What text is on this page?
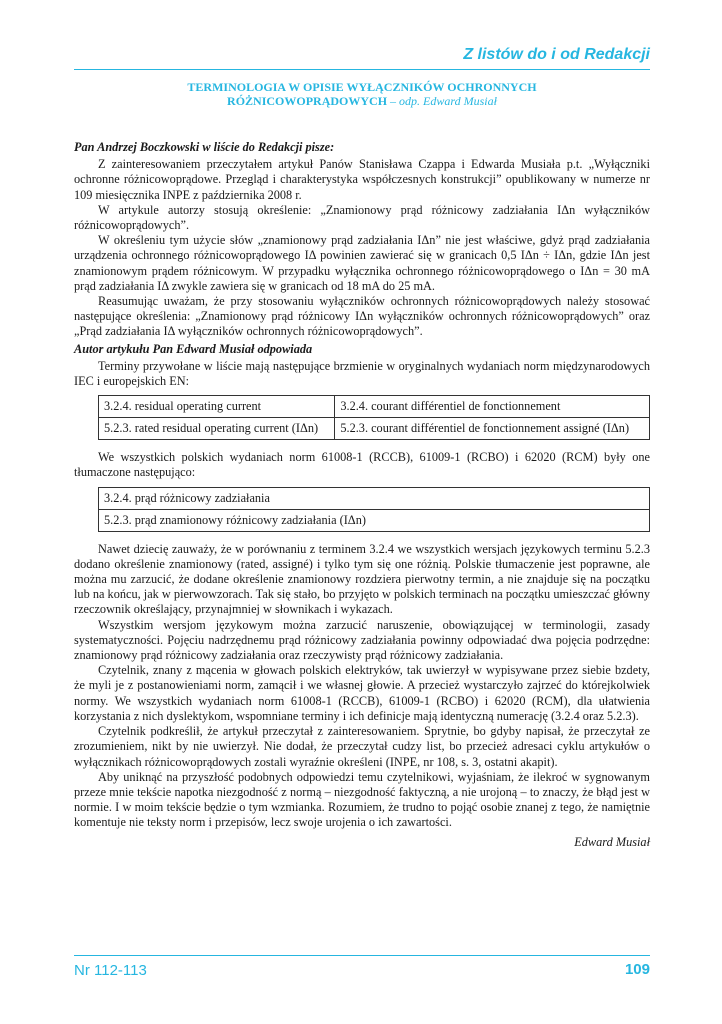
Z listów do i od Redakcji
TERMINOLOGIA W OPISIE WYŁĄCZNIKÓW OCHRONNYCH
RÓŻNICOWOPRĄDOWYCH – odp. Edward Musiał

Pan Andrzej Boczkowski w liście do Redakcji pisze:

Z zainteresowaniem przeczytałem artykuł Panów Stanisława Czappa i Edwarda Musiała p.t. „Wyłączniki ochronne różnicowoprądowe. Przegląd i charakterystyka współczesnych konstrukcji” opublikowany w numerze nr 109 miesięcznika INPE z października 2008 r.

W artykule autorzy stosują określenie: „Znamionowy prąd różnicowy zadziałania IΔn wyłączników różnicowoprądowych”.

W określeniu tym użycie słów „znamionowy prąd zadziałania IΔn” nie jest właściwe, gdyż prąd zadziałania urządzenia ochronnego różnicowoprądowego IΔ powinien zawierać się w granicach 0,5 IΔn ÷ IΔn, gdzie IΔn jest znamionowym prądem różnicowym. W przypadku wyłącznika ochronnego różnicowoprądowego o IΔn = 30 mA prąd zadziałania IΔ zwykle zawiera się w granicach od 18 mA do 25 mA.

Reasumując uważam, że przy stosowaniu wyłączników ochronnych różnicowoprądowych należy stosować następujące określenia: „Znamionowy prąd różnicowy IΔn wyłączników ochronnych różnicowoprądowych” oraz „Prąd zadziałania IΔ wyłączników ochronnych różnicowoprądowych”.

Autor artykułu Pan Edward Musiał odpowiada

Terminy przywołane w liście mają następujące brzmienie w oryginalnych wydaniach norm międzynarodowych IEC i europejskich EN:

3.2.4. residual operating current	3.2.4. courant différentiel de fonctionnement
5.2.3. rated residual operating current (IΔn)	5.2.3. courant différentiel de fonctionnement assigné (IΔn)

We wszystkich polskich wydaniach norm 61008-1 (RCCB), 61009-1 (RCBO) i 62020 (RCM) były one tłumaczone następująco:

3.2.4. prąd różnicowy zadziałania
5.2.3. prąd znamionowy różnicowy zadziałania (IΔn)

Nawet dziecię zauważy, że w porównaniu z terminem 3.2.4 we wszystkich wersjach językowych terminu 5.2.3 dodano określenie znamionowy (rated, assigné) i tylko tym się one różnią. Polskie tłumaczenie jest poprawne, ale można mu zarzucić, że dodane określenie znamionowy rozdziera pierwotny termin, a nie znajduje się na początku lub na końcu, jak w pierwowzorach. Tak się stało, bo przyjęto w polskich terminach na początku umieszczać główny rzeczownik określający, przynajmniej w słownikach i wykazach.

Wszystkim wersjom językowym można zarzucić naruszenie, obowiązującej w terminologii, zasady systematyczności. Pojęciu nadrzędnemu prąd różnicowy zadziałania powinny odpowiadać dwa pojęcia podrzędne: znamionowy prąd różnicowy zadziałania oraz rzeczywisty prąd różnicowy zadziałania.

Czytelnik, znany z mącenia w głowach polskich elektryków, tak uwierzył w wypisywane przez siebie bzdety, że myli je z postanowieniami norm, zamącił i we własnej głowie. A przecież wystarczyło zajrzeć do którejkolwiek normy. We wszystkich wydaniach norm 61008-1 (RCCB), 61009-1 (RCBO) i 62020 (RCM), dla ułatwienia korzystania z nich dyslektykom, wspomniane terminy i ich definicje mają identyczną numerację (3.2.4 oraz 5.2.3).

Czytelnik podkreślił, że artykuł przeczytał z zainteresowaniem. Sprytnie, bo gdyby napisał, że przeczytał ze zrozumieniem, nikt by nie uwierzył. Nie dodał, że przeczytał cudzy list, bo przecież adresaci cyklu artykułów o wyłącznikach różnicowoprądowych zostali wyraźnie określeni (INPE, nr 108, s. 3, ostatni akapit).

Aby uniknąć na przyszłość podobnych odpowiedzi temu czytelnikowi, wyjaśniam, że ilekroć w sygnowanym przeze mnie tekście napotka niezgodność z normą – niezgodność faktyczną, a nie urojoną – to znaczy, że błąd jest w normie. I w moim tekście będzie o tym wzmianka. Rozumiem, że trudno to pojąć osobie znanej z tego, że namiętnie komentuje nie teksty norm i przepisów, lecz swoje urojenia o ich zawartości.

Edward Musiał

Nr 112-113	109
